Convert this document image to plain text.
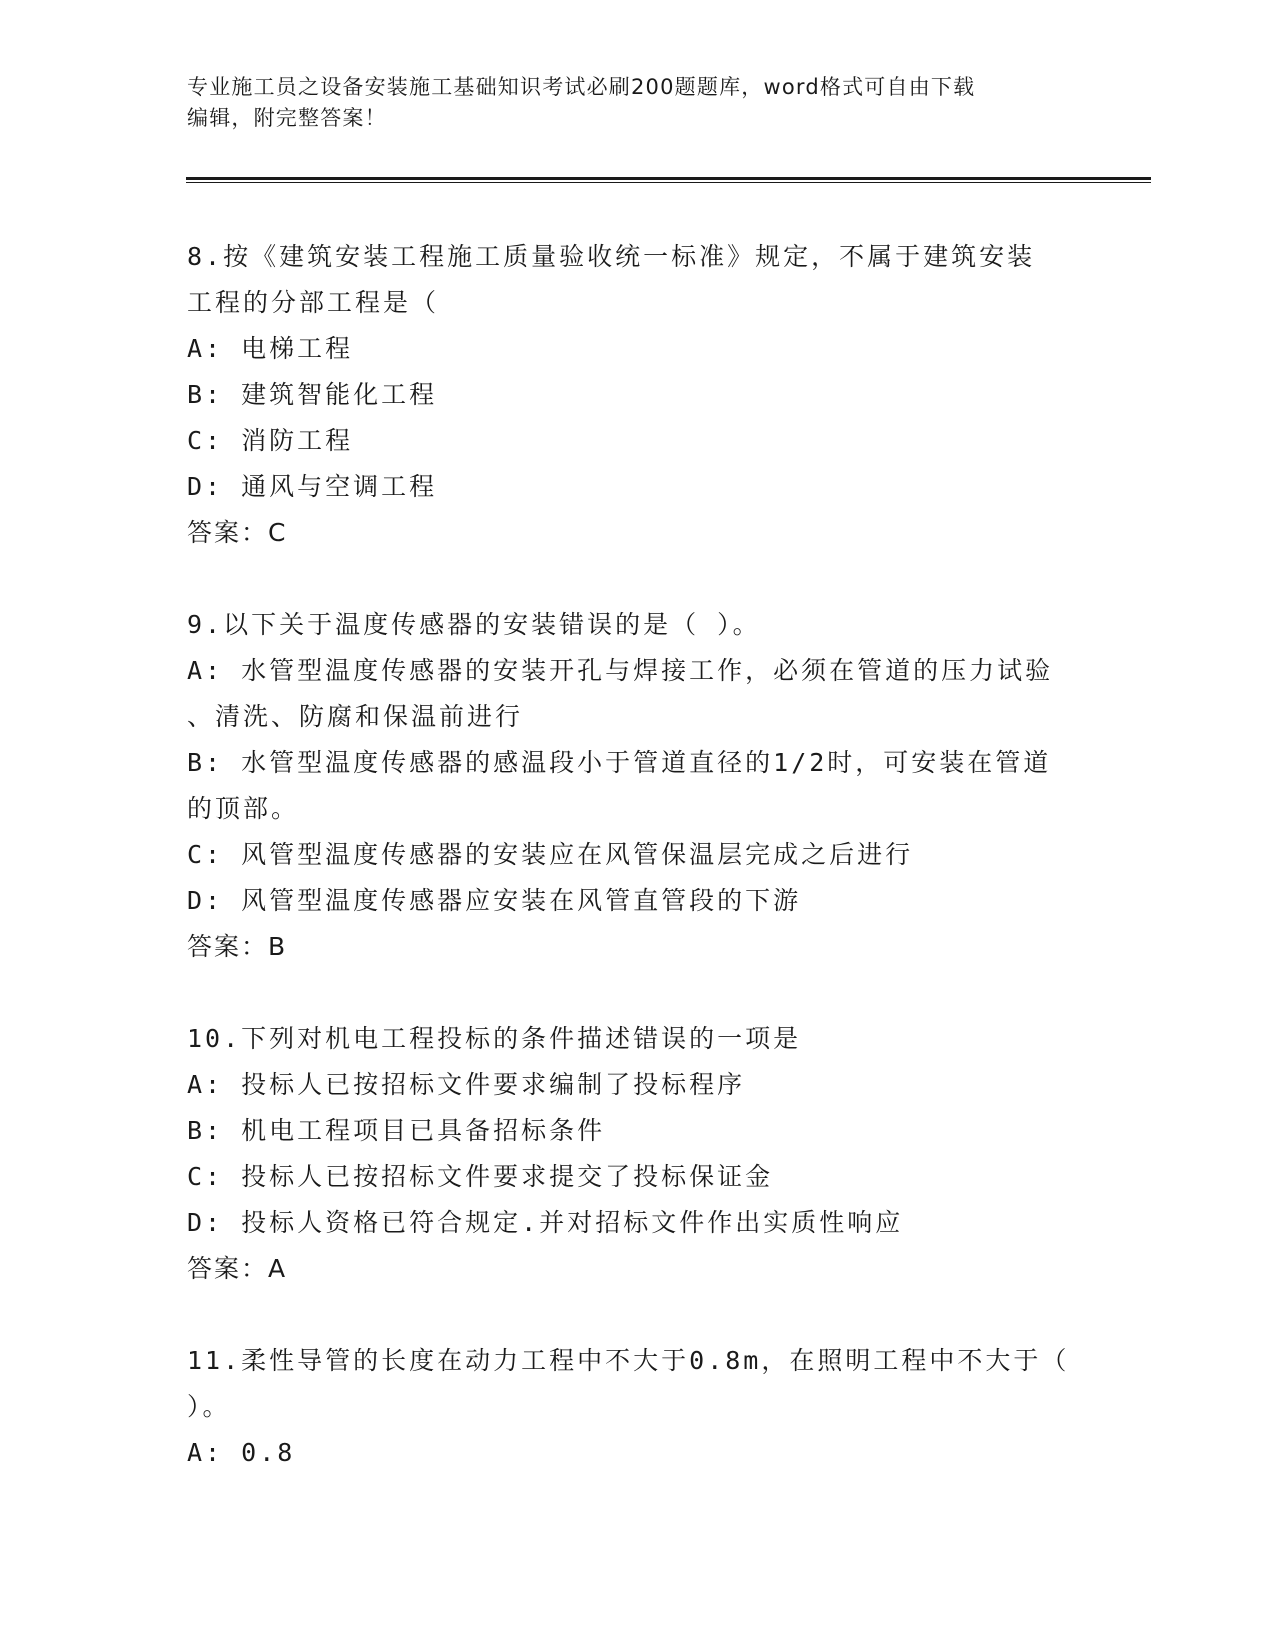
专业施工员之设备安装施工基础知识考试必刷200题题库，word格式可自由下载
编辑，附完整答案！
8.按《建筑安装工程施工质量验收统一标准》规定，不属于建筑安装
工程的分部工程是（
A: 电梯工程
B: 建筑智能化工程
C: 消防工程
D: 通风与空调工程
答案：C
9.以下关于温度传感器的安装错误的是（ ）。
A: 水管型温度传感器的安装开孔与焊接工作，必须在管道的压力试验
、清洗、防腐和保温前进行
B: 水管型温度传感器的感温段小于管道直径的1/2时，可安装在管道
的顶部。
C: 风管型温度传感器的安装应在风管保温层完成之后进行
D: 风管型温度传感器应安装在风管直管段的下游
答案：B
10.下列对机电工程投标的条件描述错误的一项是
A: 投标人已按招标文件要求编制了投标程序
B: 机电工程项目已具备招标条件
C: 投标人已按招标文件要求提交了投标保证金
D: 投标人资格已符合规定.并对招标文件作出实质性响应
答案：A
11.柔性导管的长度在动力工程中不大于0.8m，在照明工程中不大于（
）。
A: 0.8
